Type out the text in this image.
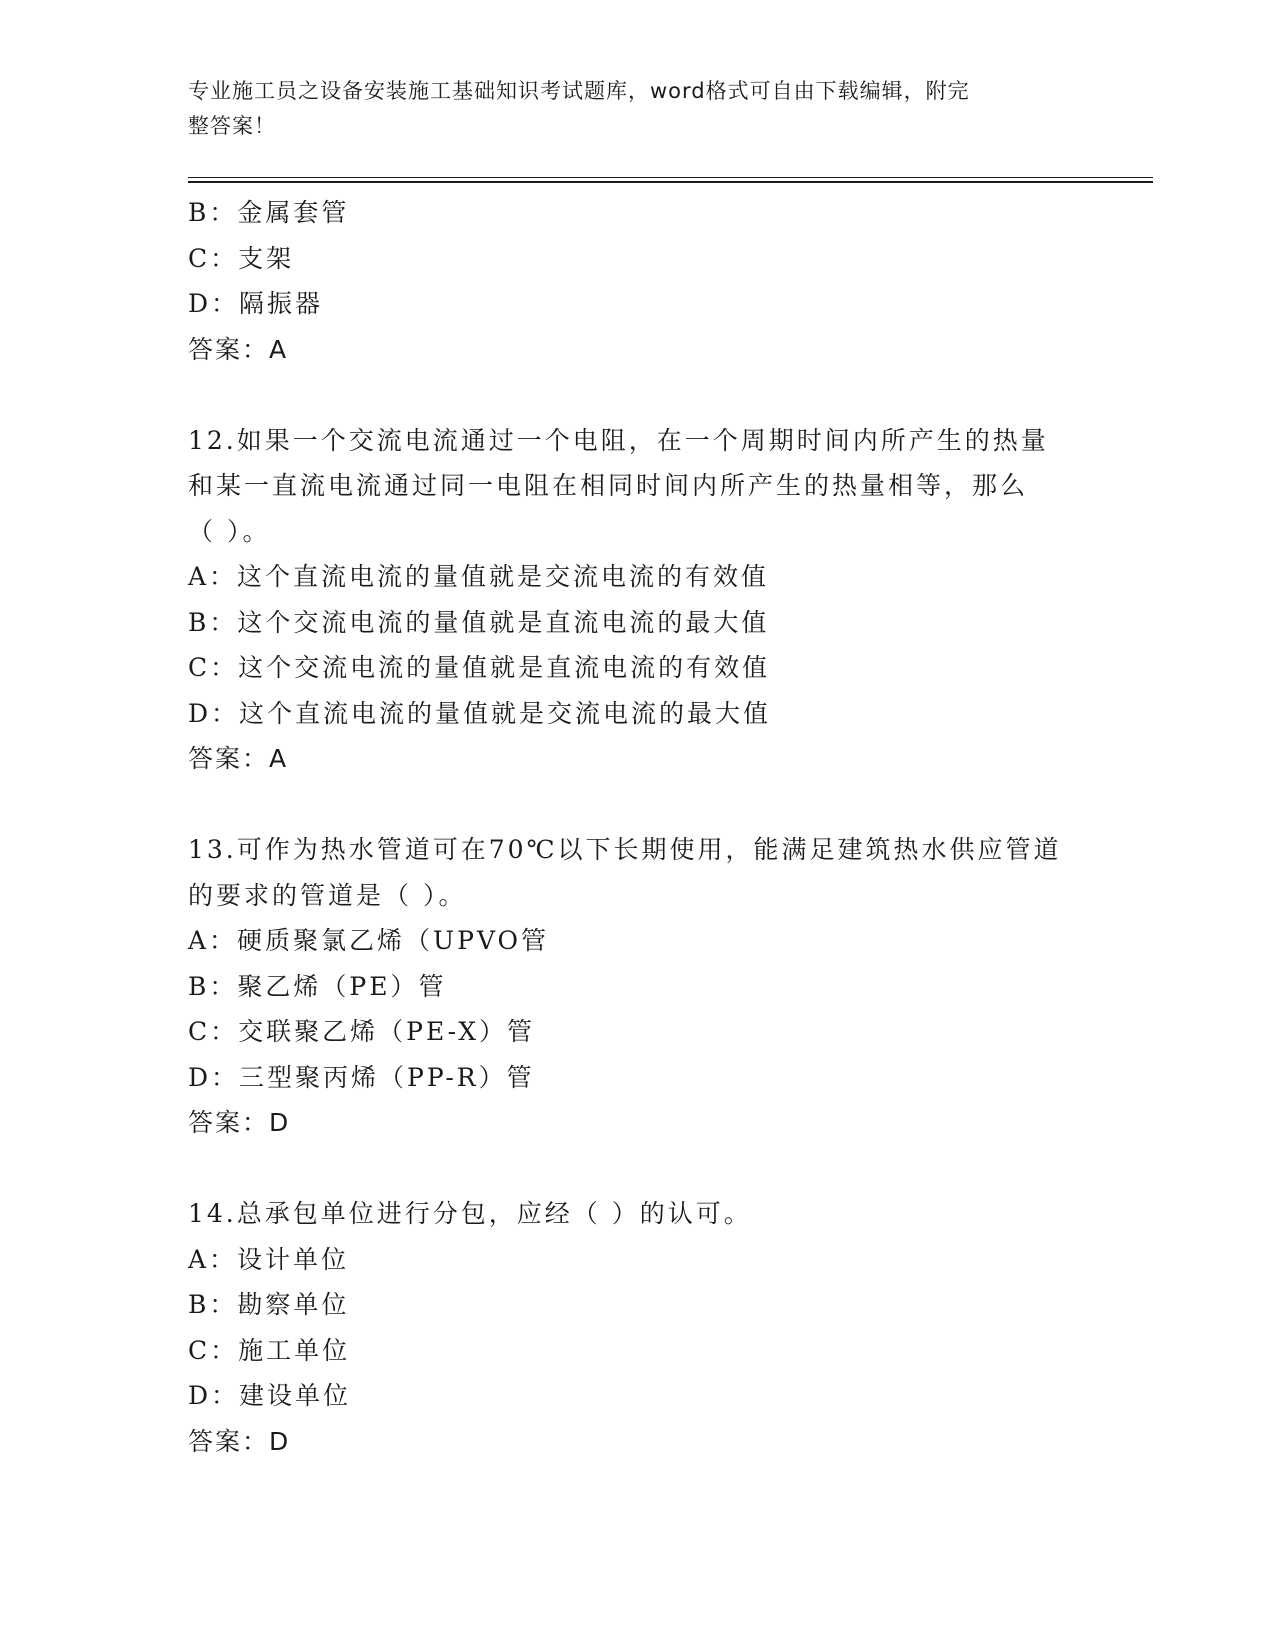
专业施工员之设备安装施工基础知识考试题库，word格式可自由下载编辑，附完
整答案！
B：金属套管
C：支架
D：隔振器
答案：A
12.如果一个交流电流通过一个电阻，在一个周期时间内所产生的热量
和某一直流电流通过同一电阻在相同时间内所产生的热量相等，那么
（ ）。
A：这个直流电流的量值就是交流电流的有效值
B：这个交流电流的量值就是直流电流的最大值
C：这个交流电流的量值就是直流电流的有效值
D：这个直流电流的量值就是交流电流的最大值
答案：A
13.可作为热水管道可在70℃以下长期使用，能满足建筑热水供应管道
的要求的管道是（ ）。
A：硬质聚氯乙烯（UPVO管
B：聚乙烯（PE）管
C：交联聚乙烯（PE-X）管
D：三型聚丙烯（PP-R）管
答案：D
14.总承包单位进行分包，应经（ ）的认可。
A：设计单位
B：勘察单位
C：施工单位
D：建设单位
答案：D
